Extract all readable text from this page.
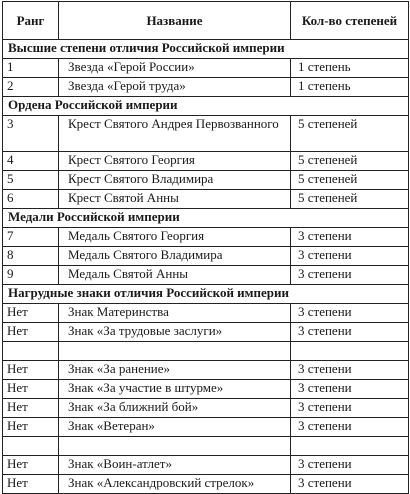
Ранг	Название	Кол-во степеней
Высшие степени отличия Российской империи		
1	Звезда «Герой России»	1 степень
2	Звезда «Герой труда»	1 степень
Ордена Российской империи		
3	Крест Святого Андрея Первозванного	5 степеней
4	Крест Святого Георгия	5 степеней
5	Крест Святого Владимира	5 степеней
6	Крест Святой Анны	5 степеней
Медали Российской империи		
7	Медаль Святого Георгия	3 степени
8	Медаль Святого Владимира	3 степени
9	Медаль Святой Анны	3 степени
Нагрудные знаки отличия Российской империи		
Нет	Знак Материнства	3 степени
Нет	Знак «За трудовые заслуги»	3 степени

Нет	Знак «За ранение»	3 степени
Нет	Знак «За участие в штурме»	3 степени
Нет	Знак «За ближний бой»	3 степени
Нет	Знак «Ветеран»	3 степени

Нет	Знак «Воин-атлет»	3 степени
Нет	Знак «Александровский стрелок»	3 степени
